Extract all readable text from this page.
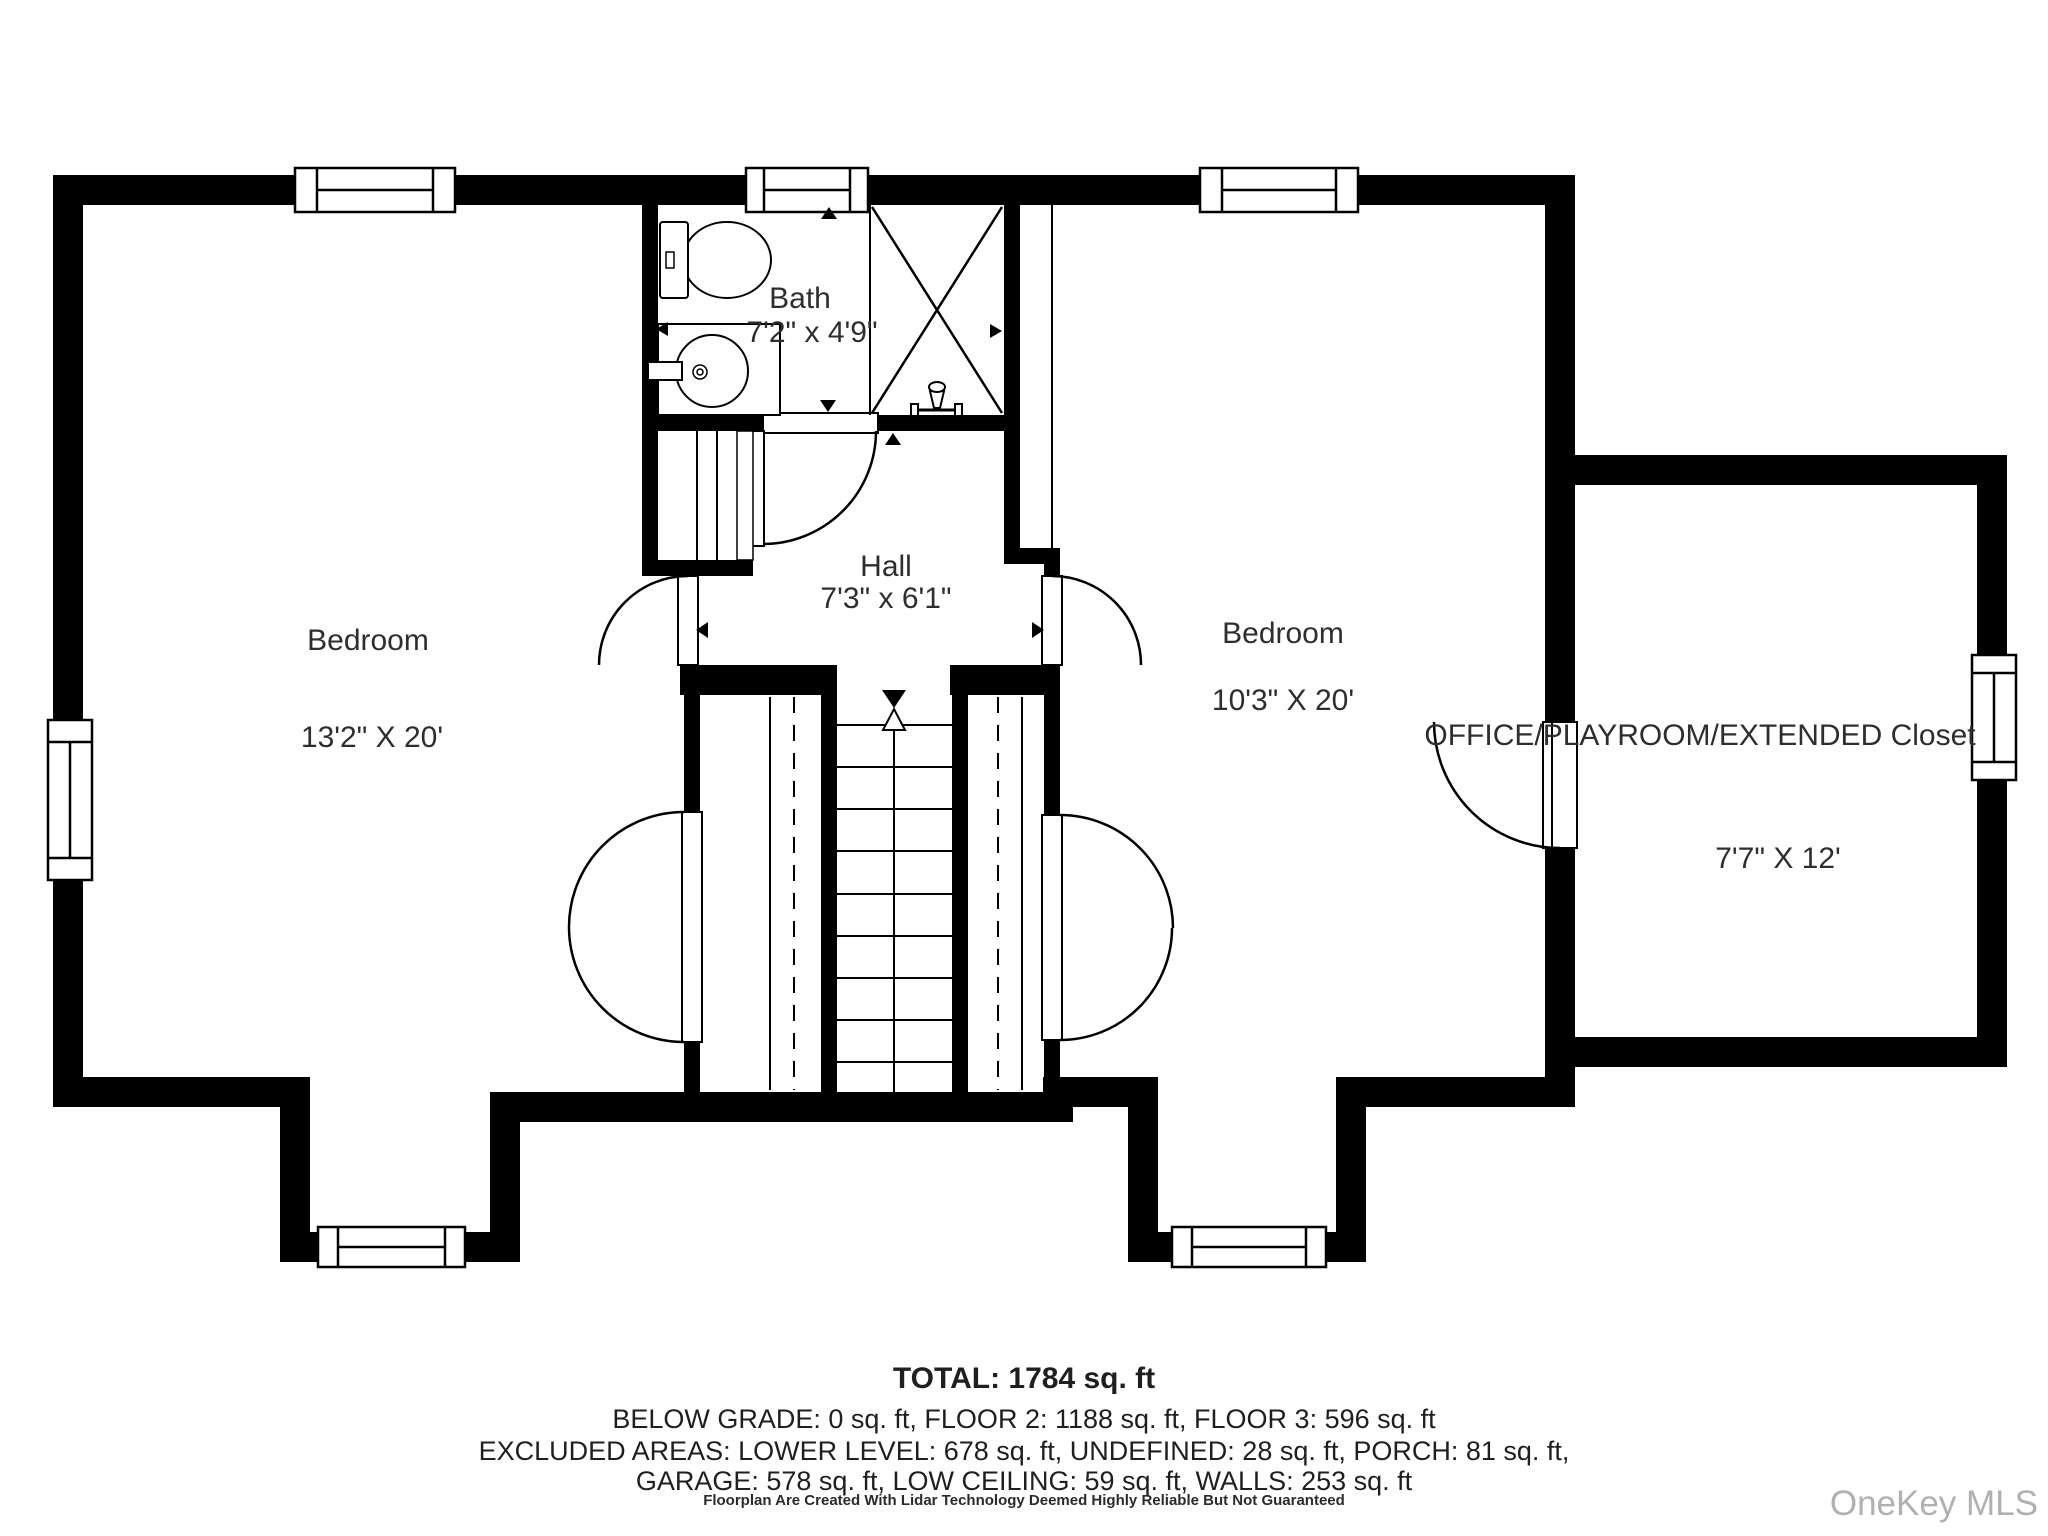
Bedroom
13'2" X 20'
Bath
7'2" x 4'9"
Hall
7'3" x 6'1"
Bedroom
10'3" X 20'
OFFICE/PLAYROOM/EXTENDED Closet
7'7" X 12'
TOTAL: 1784 sq. ft
BELOW GRADE: 0 sq. ft, FLOOR 2: 1188 sq. ft, FLOOR 3: 596 sq. ft
EXCLUDED AREAS: LOWER LEVEL: 678 sq. ft, UNDEFINED: 28 sq. ft, PORCH: 81 sq. ft,
GARAGE: 578 sq. ft, LOW CEILING: 59 sq. ft, WALLS: 253 sq. ft
Floorplan Are Created With Lidar Technology Deemed Highly Reliable But Not Guaranteed	OneKey MLS
